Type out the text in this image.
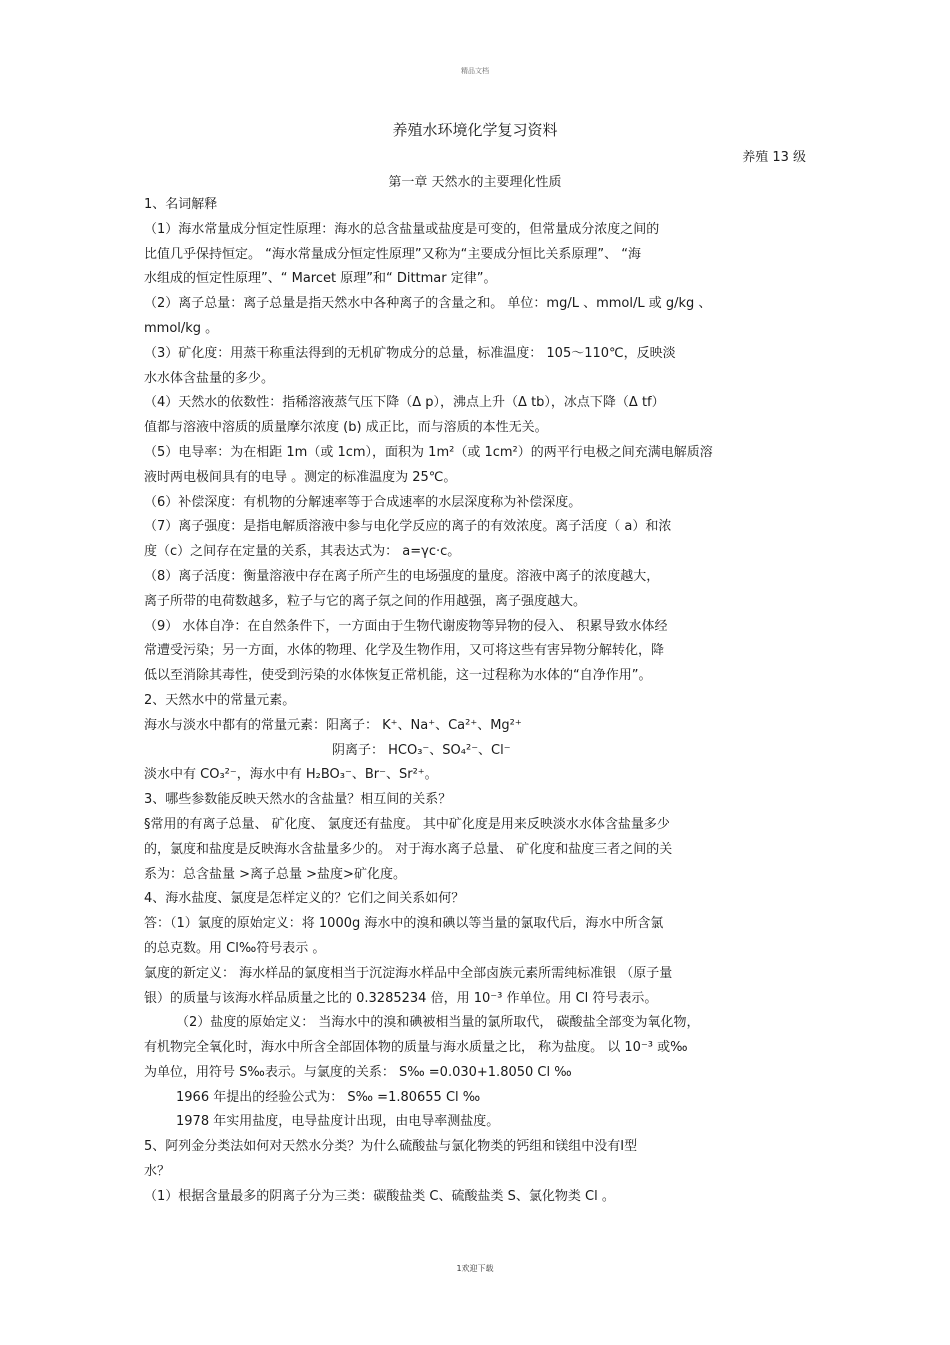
精品文档
养殖水环境化学复习资料
养殖 13 级
第一章 天然水的主要理化性质
1、名词解释
（1）海水常量成分恒定性原理：海水的总含盐量或盐度是可变的，但常量成分浓度之间的
比值几乎保持恒定。 “海水常量成分恒定性原理”又称为“主要成分恒比关系原理”、 “海
水组成的恒定性原理”、“ Marcet 原理”和“ Dittmar 定律”。
（2）离子总量：离子总量是指天然水中各种离子的含量之和。 单位：mg/L 、mmol/L 或 g/kg 、
mmol/kg 。
（3）矿化度：用蒸干称重法得到的无机矿物成分的总量，标准温度： 105～110℃，反映淡
水水体含盐量的多少。
（4）天然水的依数性：指稀溶液蒸气压下降（Δ p），沸点上升（Δ tb），冰点下降（Δ tf）
值都与溶液中溶质的质量摩尔浓度 (b) 成正比，而与溶质的本性无关。
（5）电导率：为在相距 1m（或 1cm），面积为 1m²（或 1cm²）的两平行电极之间充满电解质溶
液时两电极间具有的电导 。测定的标准温度为 25℃。
（6）补偿深度：有机物的分解速率等于合成速率的水层深度称为补偿深度。
（7）离子强度：是指电解质溶液中参与电化学反应的离子的有效浓度。离子活度（ a）和浓
度（c）之间存在定量的关系，其表达式为： a=γc·c。
（8）离子活度：衡量溶液中存在离子所产生的电场强度的量度。溶液中离子的浓度越大，
离子所带的电荷数越多，粒子与它的离子氛之间的作用越强，离子强度越大。
（9） 水体自净：在自然条件下，一方面由于生物代谢废物等异物的侵入、 积累导致水体经
常遭受污染；另一方面，水体的物理、化学及生物作用，又可将这些有害异物分解转化，降
低以至消除其毒性，使受到污染的水体恢复正常机能，这一过程称为水体的“自净作用”。
2、天然水中的常量元素。
海水与淡水中都有的常量元素：阳离子： K⁺、Na⁺、Ca²⁺、Mg²⁺
阴离子： HCO₃⁻、SO₄²⁻、Cl⁻
淡水中有 CO₃²⁻，海水中有 H₂BO₃⁻、Br⁻、Sr²⁺。
3、哪些参数能反映天然水的含盐量？相互间的关系？
§常用的有离子总量、 矿化度、 氯度还有盐度。 其中矿化度是用来反映淡水水体含盐量多少
的，氯度和盐度是反映海水含盐量多少的。 对于海水离子总量、 矿化度和盐度三者之间的关
系为：总含盐量 >离子总量 >盐度>矿化度。
4、海水盐度、氯度是怎样定义的？它们之间关系如何？
答：（1）氯度的原始定义：将 1000g 海水中的溴和碘以等当量的氯取代后，海水中所含氯
的总克数。用 Cl‰符号表示 。
氯度的新定义： 海水样品的氯度相当于沉淀海水样品中全部卤族元素所需纯标准银 （原子量
银）的质量与该海水样品质量之比的 0.3285234 倍，用 10⁻³ 作单位。用 Cl 符号表示。
（2）盐度的原始定义： 当海水中的溴和碘被相当量的氯所取代， 碳酸盐全部变为氧化物，
有机物完全氧化时，海水中所含全部固体物的质量与海水质量之比， 称为盐度。 以 10⁻³ 或‰
为单位，用符号 S‰表示。与氯度的关系： S‰ =0.030+1.8050 Cl ‰
1966 年提出的经验公式为： S‰ =1.80655 Cl ‰
1978 年实用盐度，电导盐度计出现，由电导率测盐度。
5、阿列金分类法如何对天然水分类？为什么硫酸盐与氯化物类的钙组和镁组中没有Ⅰ型
水？
（1）根据含量最多的阴离子分为三类：碳酸盐类 C、硫酸盐类 S、氯化物类 Cl 。
1欢迎下载
